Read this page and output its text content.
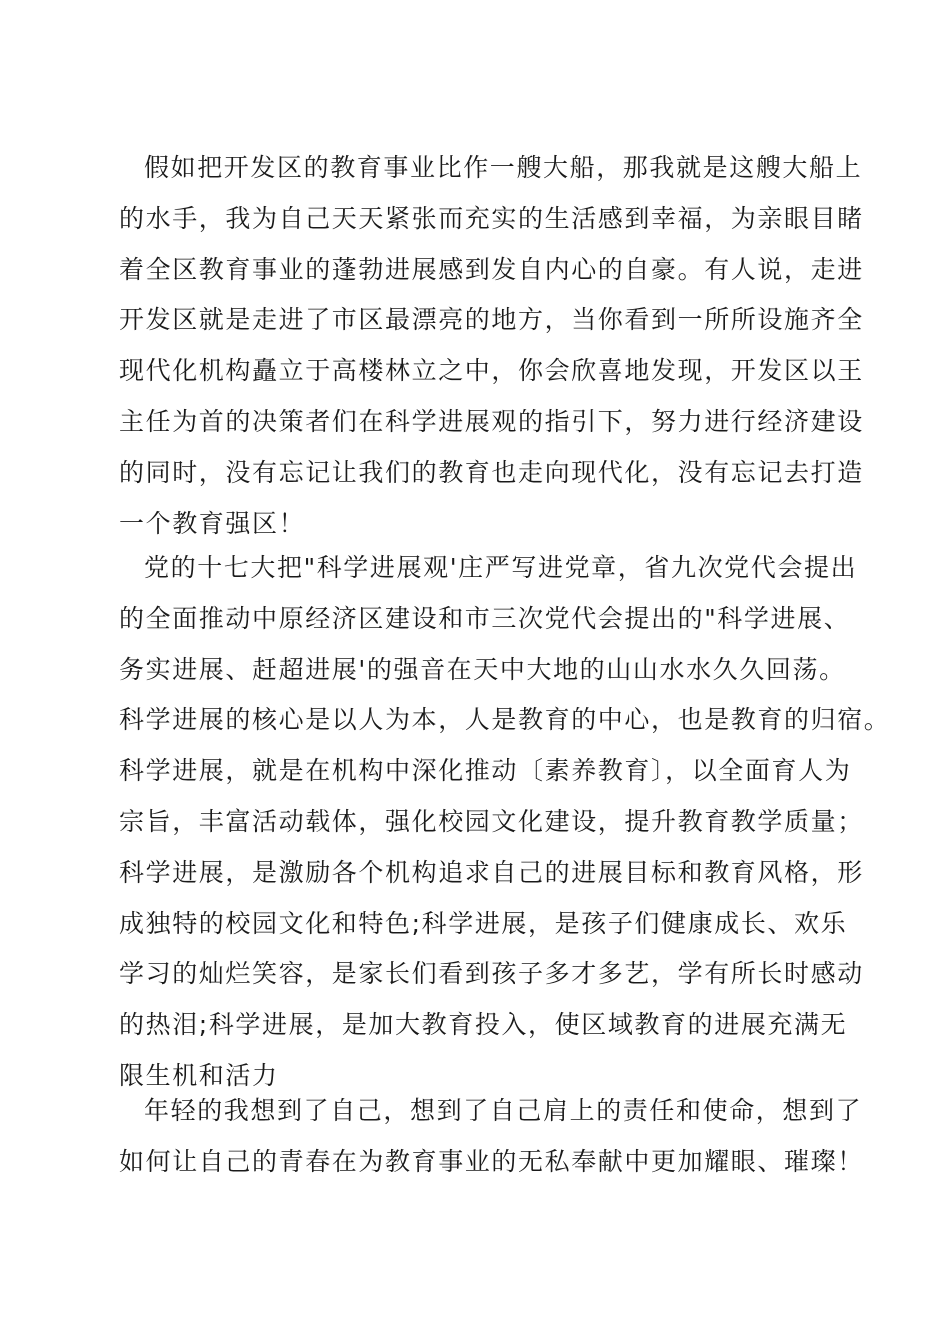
假如把开发区的教育事业比作一艘大船，那我就是这艘大船上
的水手，我为自己天天紧张而充实的生活感到幸福，为亲眼目睹
着全区教育事业的蓬勃进展感到发自内心的自豪。有人说，走进
开发区就是走进了市区最漂亮的地方，当你看到一所所设施齐全
现代化机构矗立于高楼林立之中，你会欣喜地发现，开发区以王
主任为首的决策者们在科学进展观的指引下，努力进行经济建设
的同时，没有忘记让我们的教育也走向现代化，没有忘记去打造
一个教育强区！
党的十七大把"科学进展观'庄严写进党章，省九次党代会提出
的全面推动中原经济区建设和市三次党代会提出的"科学进展、
务实进展、赶超进展'的强音在天中大地的山山水水久久回荡。
科学进展的核心是以人为本，人是教育的中心，也是教育的归宿。
科学进展，就是在机构中深化推动〔素养教育〕，以全面育人为
宗旨，丰富活动载体，强化校园文化建设，提升教育教学质量；
科学进展，是激励各个机构追求自己的进展目标和教育风格，形
成独特的校园文化和特色;科学进展，是孩子们健康成长、欢乐
学习的灿烂笑容，是家长们看到孩子多才多艺，学有所长时感动
的热泪;科学进展，是加大教育投入，使区域教育的进展充满无
限生机和活力
年轻的我想到了自己，想到了自己肩上的责任和使命，想到了
如何让自己的青春在为教育事业的无私奉献中更加耀眼、璀璨！
